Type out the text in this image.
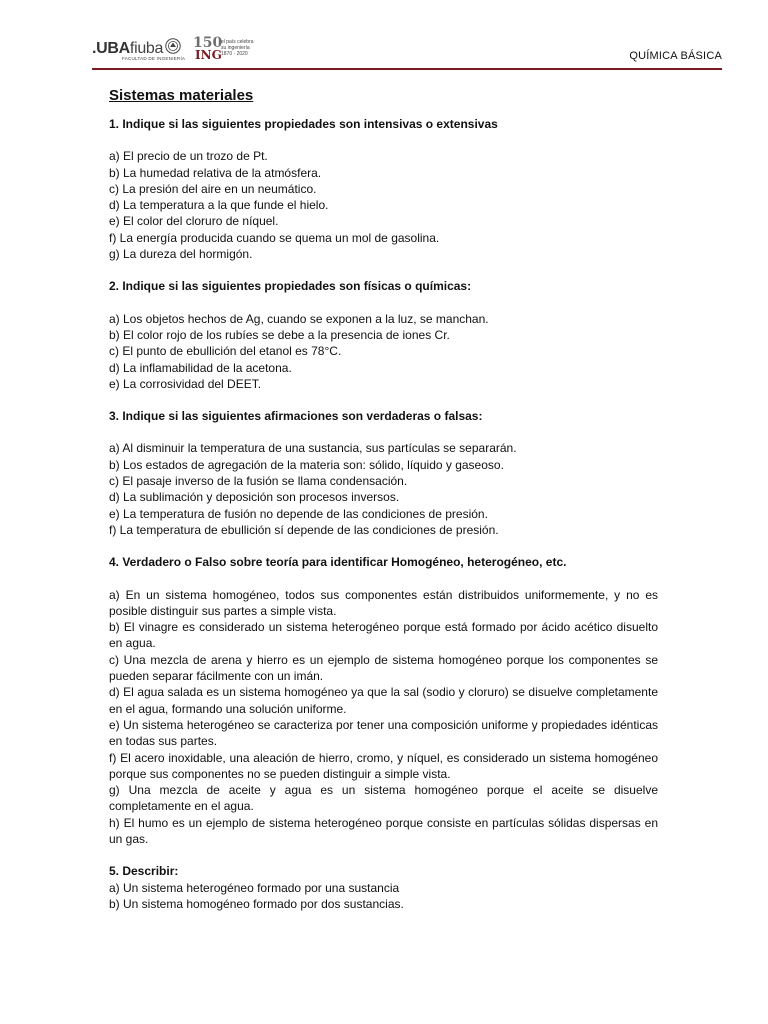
.UBAfiuba
FACULTAD DE INGENIERÍA
150
ING
el país celebra
su ingeniería
1870 · 2020	QUÍMICA BÁSICA
Sistemas materiales
1. Indique si las siguientes propiedades son intensivas o extensivas
a) El precio de un trozo de Pt.
b) La humedad relativa de la atmósfera.
c) La presión del aire en un neumático.
d) La temperatura a la que funde el hielo.
e) El color del cloruro de níquel.
f) La energía producida cuando se quema un mol de gasolina.
g) La dureza del hormigón.
2. Indique si las siguientes propiedades son físicas o químicas:
a) Los objetos hechos de Ag, cuando se exponen a la luz, se manchan.
b) El color rojo de los rubíes se debe a la presencia de iones Cr.
c) El punto de ebullición del etanol es 78°C.
d) La inflamabilidad de la acetona.
e) La corrosividad del DEET.
3. Indique si las siguientes afirmaciones son verdaderas o falsas:
a) Al disminuir la temperatura de una sustancia, sus partículas se separarán.
b) Los estados de agregación de la materia son: sólido, líquido y gaseoso.
c) El pasaje inverso de la fusión se llama condensación.
d) La sublimación y deposición son procesos inversos.
e) La temperatura de fusión no depende de las condiciones de presión.
f) La temperatura de ebullición sí depende de las condiciones de presión.
4. Verdadero o Falso sobre teoría para identificar Homogéneo, heterogéneo, etc.
a) En un sistema homogéneo, todos sus componentes están distribuidos uniformemente, y no es posible distinguir sus partes a simple vista.
b) El vinagre es considerado un sistema heterogéneo porque está formado por ácido acético disuelto en agua.
c) Una mezcla de arena y hierro es un ejemplo de sistema homogéneo porque los componentes se pueden separar fácilmente con un imán.
d) El agua salada es un sistema homogéneo ya que la sal (sodio y cloruro) se disuelve completamente en el agua, formando una solución uniforme.
e) Un sistema heterogéneo se caracteriza por tener una composición uniforme y propiedades idénticas en todas sus partes.
f) El acero inoxidable, una aleación de hierro, cromo, y níquel, es considerado un sistema homogéneo porque sus componentes no se pueden distinguir a simple vista.
g) Una mezcla de aceite y agua es un sistema homogéneo porque el aceite se disuelve completamente en el agua.
h) El humo es un ejemplo de sistema heterogéneo porque consiste en partículas sólidas dispersas en un gas.
5. Describir:
a) Un sistema heterogéneo formado por una sustancia
b) Un sistema homogéneo formado por dos sustancias.
